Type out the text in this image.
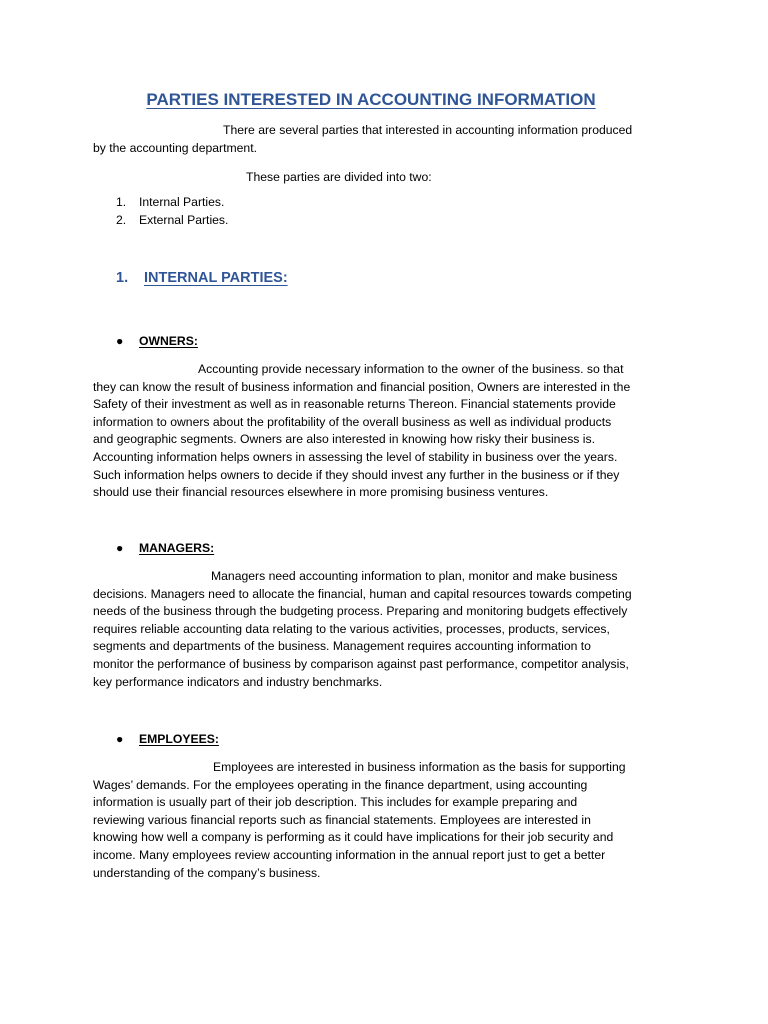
PARTIES INTERESTED IN ACCOUNTING INFORMATION
There are several parties that interested in accounting information produced
by the accounting department.
These parties are divided into two:
1. Internal Parties.
2. External Parties.
1. INTERNAL PARTIES:
● OWNERS:
Accounting provide necessary information to the owner of the business. so that
they can know the result of business information and financial position, Owners are interested in the
Safety of their investment as well as in reasonable returns Thereon. Financial statements provide
information to owners about the profitability of the overall business as well as individual products
and geographic segments. Owners are also interested in knowing how risky their business is.
Accounting information helps owners in assessing the level of stability in business over the years.
Such information helps owners to decide if they should invest any further in the business or if they
should use their financial resources elsewhere in more promising business ventures.
● MANAGERS:
Managers need accounting information to plan, monitor and make business
decisions. Managers need to allocate the financial, human and capital resources towards competing
needs of the business through the budgeting process. Preparing and monitoring budgets effectively
requires reliable accounting data relating to the various activities, processes, products, services,
segments and departments of the business. Management requires accounting information to
monitor the performance of business by comparison against past performance, competitor analysis,
key performance indicators and industry benchmarks.
● EMPLOYEES:
Employees are interested in business information as the basis for supporting
Wages’ demands. For the employees operating in the finance department, using accounting
information is usually part of their job description. This includes for example preparing and
reviewing various financial reports such as financial statements. Employees are interested in
knowing how well a company is performing as it could have implications for their job security and
income. Many employees review accounting information in the annual report just to get a better
understanding of the company’s business.
